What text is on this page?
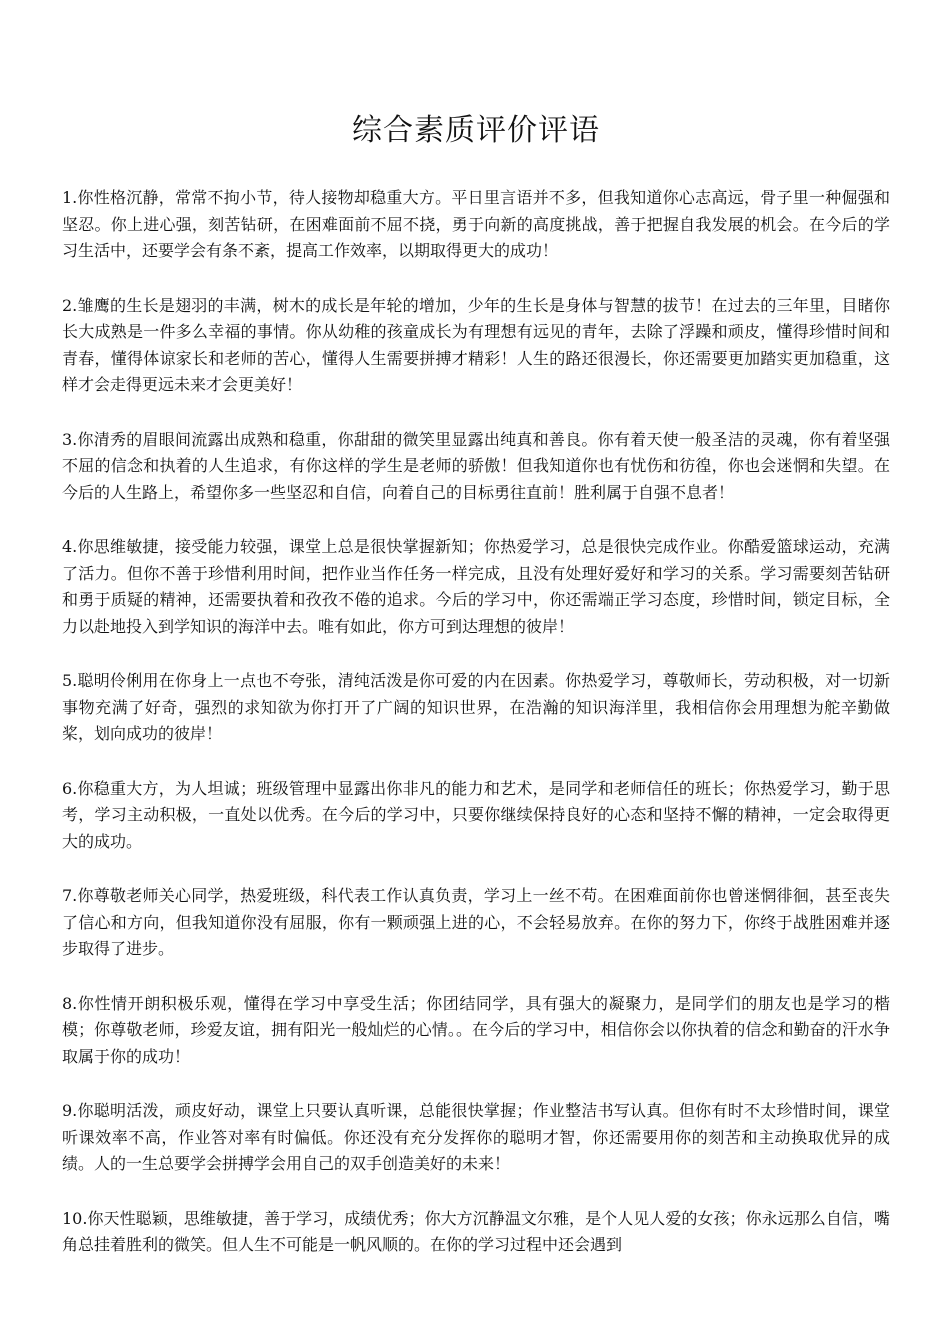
综合素质评价评语

1.你性格沉静，常常不拘小节，待人接物却稳重大方。平日里言语并不多，但我知道你心志高远，骨子里一种倔强和坚忍。你上进心强，刻苦钻研，在困难面前不屈不挠，勇于向新的高度挑战，善于把握自我发展的机会。在今后的学习生活中，还要学会有条不紊，提高工作效率，以期取得更大的成功！

2.雏鹰的生长是翅羽的丰满，树木的成长是年轮的增加，少年的生长是身体与智慧的拔节！在过去的三年里，目睹你长大成熟是一件多么幸福的事情。你从幼稚的孩童成长为有理想有远见的青年，去除了浮躁和顽皮，懂得珍惜时间和青春，懂得体谅家长和老师的苦心，懂得人生需要拼搏才精彩！人生的路还很漫长，你还需要更加踏实更加稳重，这样才会走得更远未来才会更美好！

3.你清秀的眉眼间流露出成熟和稳重，你甜甜的微笑里显露出纯真和善良。你有着天使一般圣洁的灵魂，你有着坚强不屈的信念和执着的人生追求，有你这样的学生是老师的骄傲！但我知道你也有忧伤和彷徨，你也会迷惘和失望。在今后的人生路上，希望你多一些坚忍和自信，向着自己的目标勇往直前！胜利属于自强不息者！

4.你思维敏捷，接受能力较强，课堂上总是很快掌握新知；你热爱学习，总是很快完成作业。你酷爱篮球运动，充满了活力。但你不善于珍惜利用时间，把作业当作任务一样完成，且没有处理好爱好和学习的关系。学习需要刻苦钻研和勇于质疑的精神，还需要执着和孜孜不倦的追求。今后的学习中，你还需端正学习态度，珍惜时间，锁定目标，全力以赴地投入到学知识的海洋中去。唯有如此，你方可到达理想的彼岸！

5.聪明伶俐用在你身上一点也不夸张，清纯活泼是你可爱的内在因素。你热爱学习，尊敬师长，劳动积极，对一切新事物充满了好奇，强烈的求知欲为你打开了广阔的知识世界，在浩瀚的知识海洋里，我相信你会用理想为舵辛勤做桨，划向成功的彼岸！

6.你稳重大方，为人坦诚；班级管理中显露出你非凡的能力和艺术，是同学和老师信任的班长；你热爱学习，勤于思考，学习主动积极，一直处以优秀。在今后的学习中，只要你继续保持良好的心态和坚持不懈的精神，一定会取得更大的成功。

7.你尊敬老师关心同学，热爱班级，科代表工作认真负责，学习上一丝不苟。在困难面前你也曾迷惘徘徊，甚至丧失了信心和方向，但我知道你没有屈服，你有一颗顽强上进的心，不会轻易放弃。在你的努力下，你终于战胜困难并逐步取得了进步。

8.你性情开朗积极乐观，懂得在学习中享受生活；你团结同学，具有强大的凝聚力，是同学们的朋友也是学习的楷模；你尊敬老师，珍爱友谊，拥有阳光一般灿烂的心情。。在今后的学习中，相信你会以你执着的信念和勤奋的汗水争取属于你的成功！

9.你聪明活泼，顽皮好动，课堂上只要认真听课，总能很快掌握；作业整洁书写认真。但你有时不太珍惜时间，课堂听课效率不高，作业答对率有时偏低。你还没有充分发挥你的聪明才智，你还需要用你的刻苦和主动换取优异的成绩。人的一生总要学会拼搏学会用自己的双手创造美好的未来！

10.你天性聪颖，思维敏捷，善于学习，成绩优秀；你大方沉静温文尔雅，是个人见人爱的女孩；你永远那么自信，嘴角总挂着胜利的微笑。但人生不可能是一帆风顺的。在你的学习过程中还会遇到
